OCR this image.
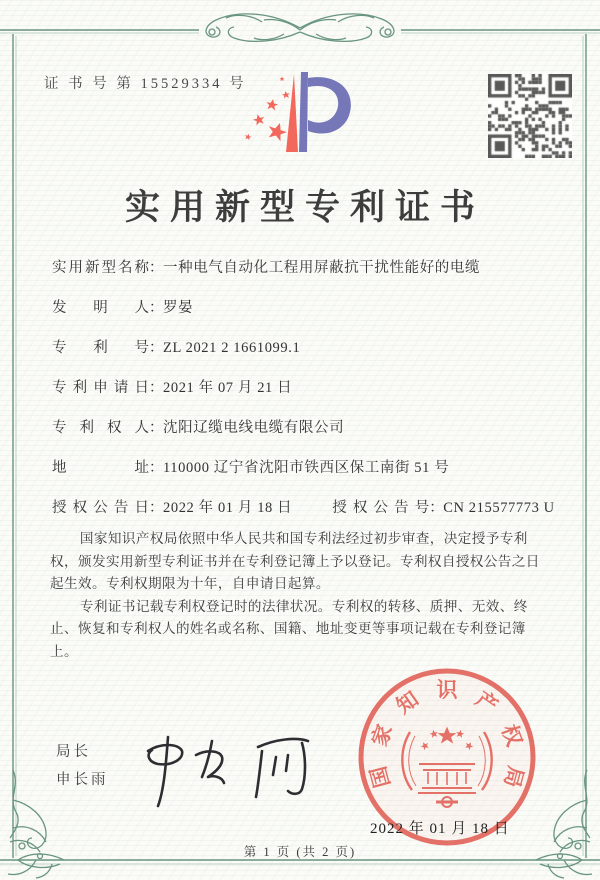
证 书 号 第 15529334 号
实用新型专利证书
实用新型名称：一种电气自动化工程用屏蔽抗干扰性能好的电缆
发明人：罗晏
专利号：ZL 2021 2 1661099.1
专利申请日：2021 年 07 月 21 日
专利权人：沈阳辽缆电线电缆有限公司
地址：110000 辽宁省沈阳市铁西区保工南街 51 号
授权公告日：2022 年 01 月 18 日	授权公告号：CN 215577773 U

国家知识产权局依照中华人民共和国专利法经过初步审查，决定授予专利权，颁发实用新型专利证书并在专利登记簿上予以登记。专利权自授权公告之日起生效。专利权期限为十年，自申请日起算。

专利证书记载专利权登记时的法律状况。专利权的转移、质押、无效、终止、恢复和专利权人的姓名或名称、国籍、地址变更等事项记载在专利登记簿上。

局长
申长雨	国
家
知 识 产
权
局
2022 年 01 月 18 日
第 1 页 (共 2 页)
